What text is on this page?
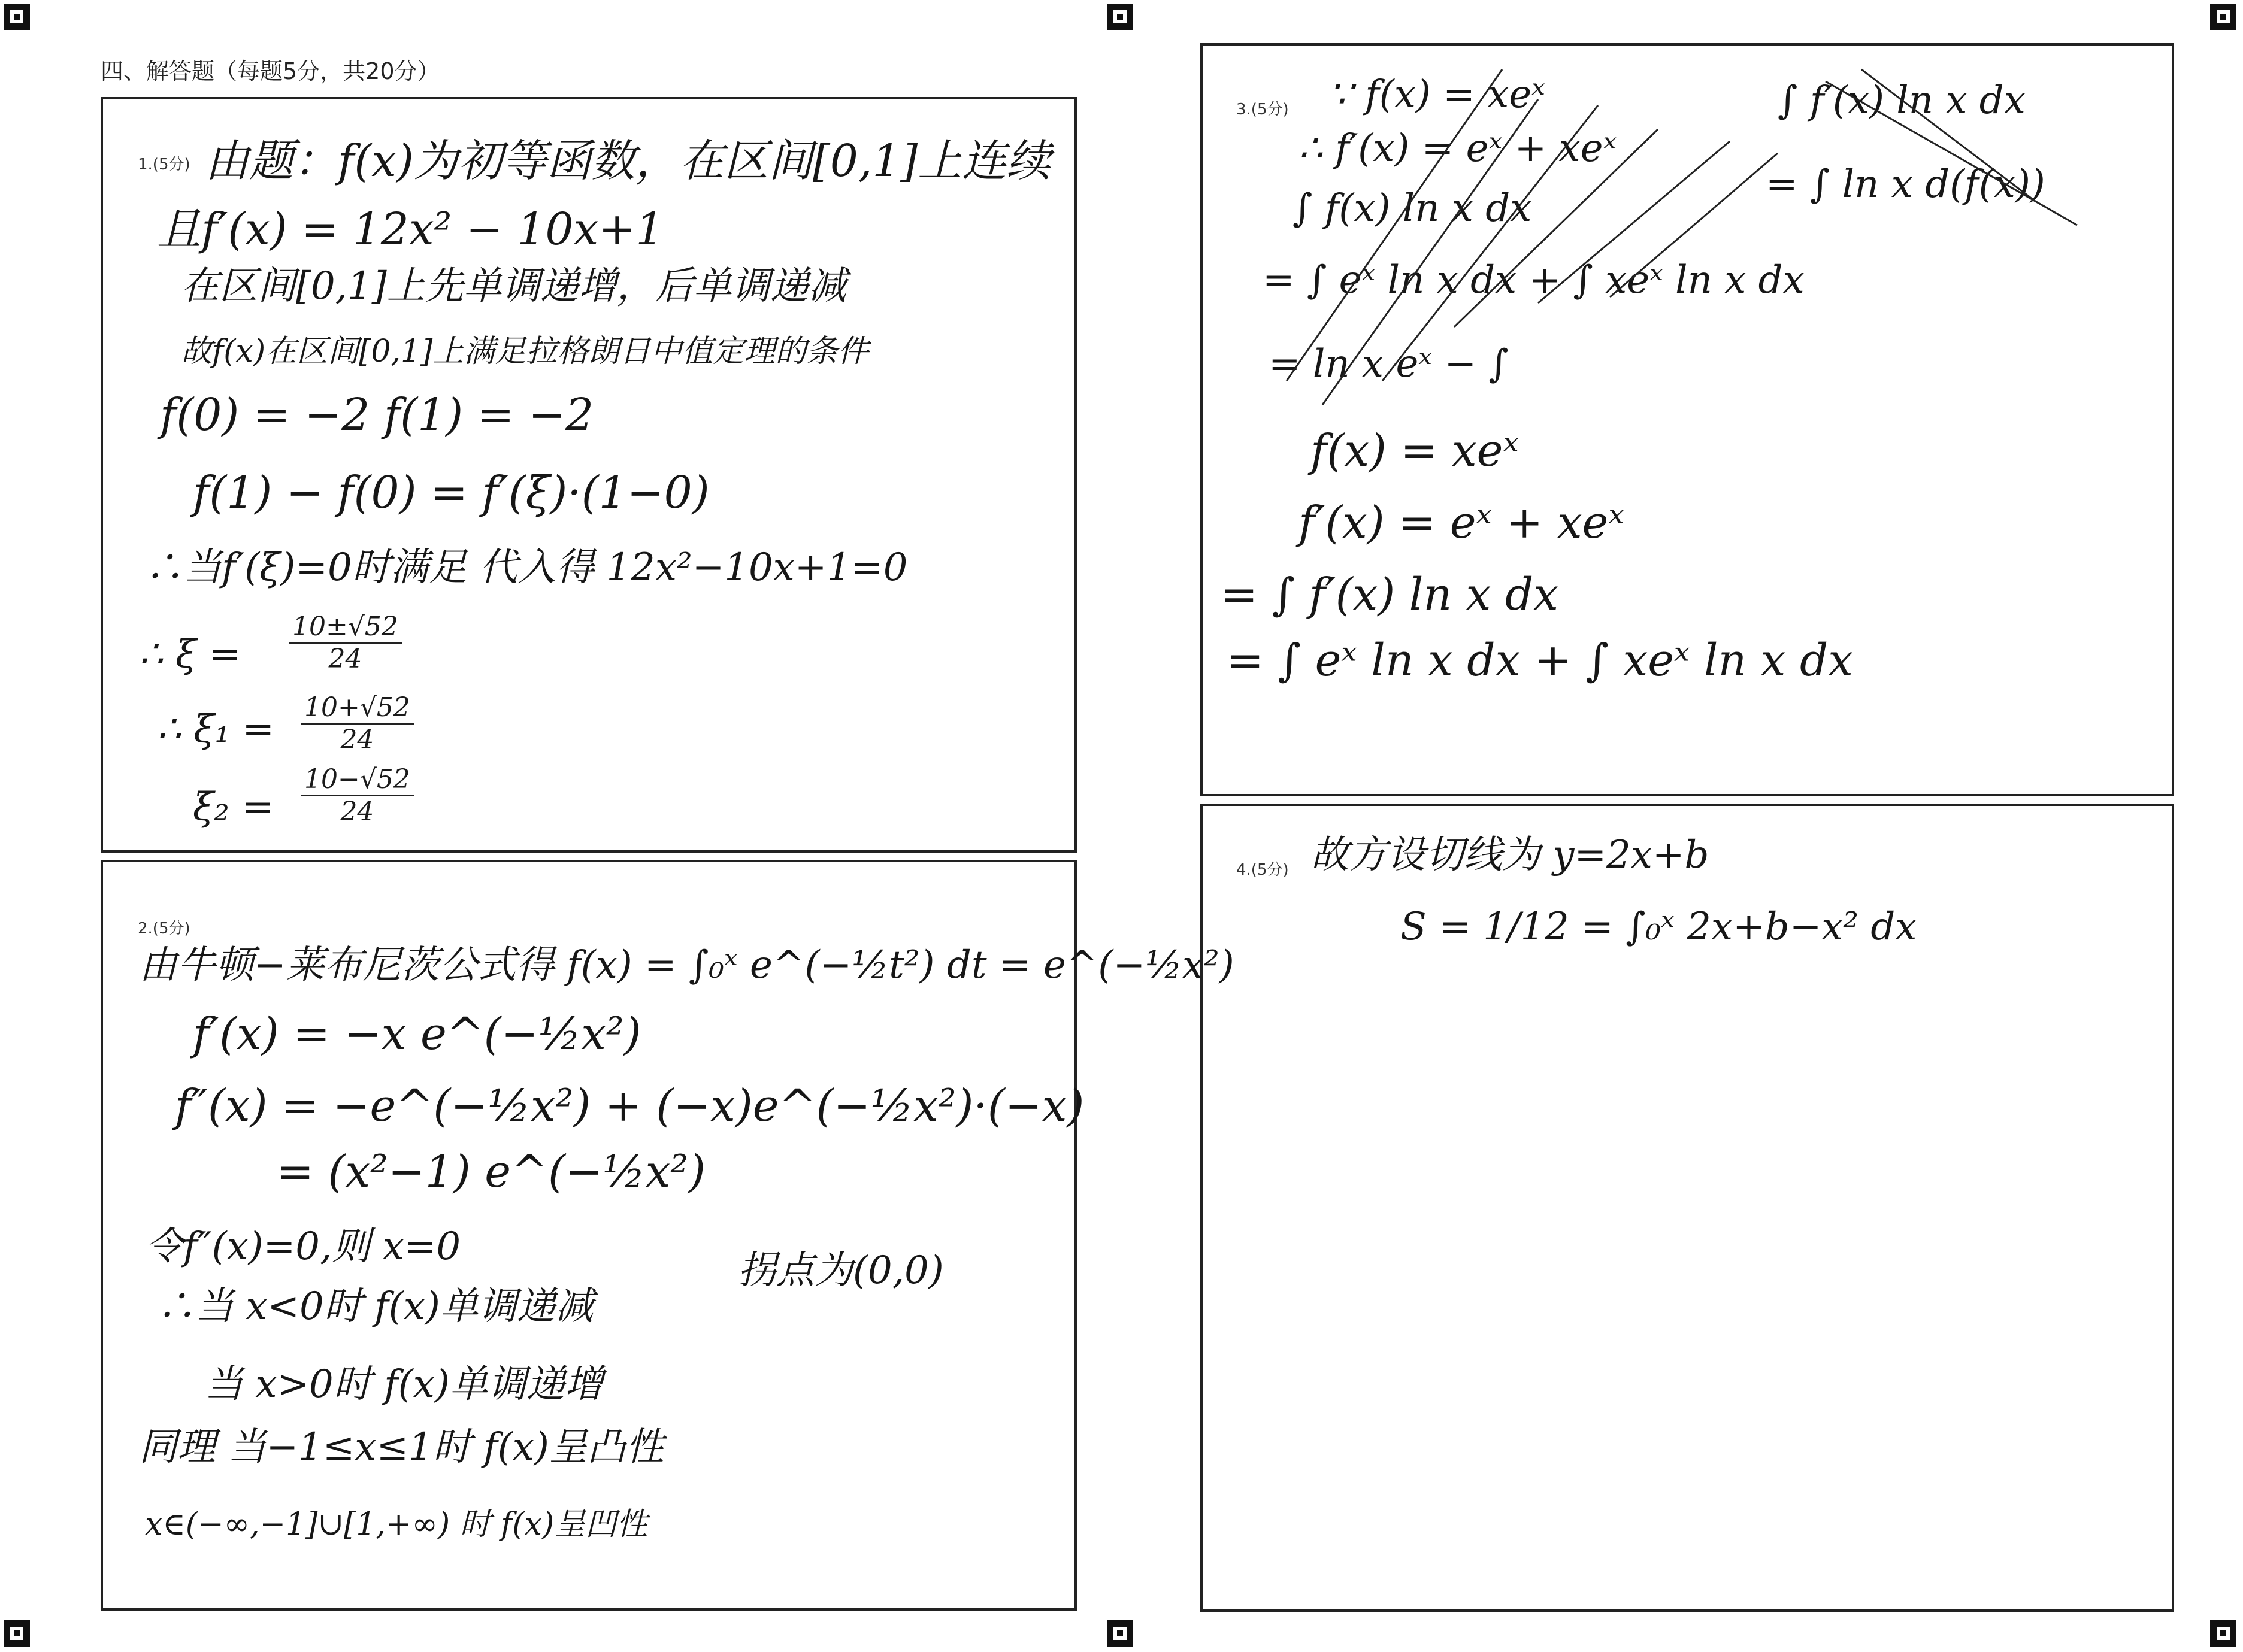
四、解答题（每题5分，共20分）
1.(5分) 由题：f(x)为初等函数，在区间[0,1]上连续
且f′(x) = 12x² − 10x+1
在区间[0,1]上先单调递增，后单调递减
故f(x)在区间[0,1]上满足拉格朗日中值定理的条件
f(0) = −2 f(1) = −2
f(1) − f(0) = f′(ξ)·(1−0)
∴当f′(ξ)=0时满足 代入得 12x²−10x+1=0
∴ $\xi = \frac{10\pm√52}{24}$
∴ $\xi_1 = \frac{10+√52}{24}$
$\xi_2 = \frac{10-√52}{24}$
2.(5分)
由牛顿−莱布尼茨公式得 f(x) = ∫₀ˣ e^(−½t²) dt = e^(−½x²)
f′(x) = −x e^(−½x²)
f″(x) = −e^(−½x²) + (−x)e^(−½x²)·(−x)
= (x²−1) e^(−½x²)
令f″(x)=0,则 x=0
∴当 x<0时 f(x)单调递减
当 x>0时 f(x)单调递增
同理 当−1≤x≤1时 f(x)呈凸性
x∈(−∞,−1]∪[1,+∞) 时 f(x)呈凹性
拐点为(0,0)
3.(5分) ∵ f(x) = xeˣ
∴ f′(x) = eˣ + xeˣ
∫ f(x) ln x dx
= ∫ eˣ ln x dx + ∫ xeˣ ln x dx
= ln x eˣ − ∫
∫ f′(x) ln x dx
= ∫ ln x d(f(x))
f(x) = xeˣ
f′(x) = eˣ + xeˣ
= ∫ f′(x) ln x dx
= ∫ eˣ ln x dx + ∫ xeˣ ln x dx
4.(5分) 故方设切线为 y=2x+b
S = 1/12 = ∫₀ˣ 2x+b−x² dx
